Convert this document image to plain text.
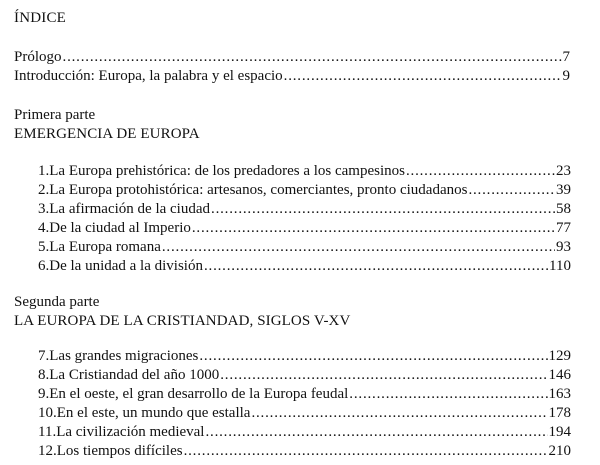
ÍNDICE
Prólogo .....	7
Introducción: Europa, la palabra y el espacio .....	9
Primera parte
EMERGENCIA DE EUROPA
1. La Europa prehistórica: de los predadores a los campesinos .....	23
2. La Europa protohistórica: artesanos, comerciantes, pronto ciudadanos .....	39
3. La afirmación de la ciudad .....	58
4. De la ciudad al Imperio .....	77
5. La Europa romana .....	93
6. De la unidad a la división .....	110
Segunda parte
LA EUROPA DE LA CRISTIANDAD, SIGLOS V-XV
7. Las grandes migraciones .....	129
8. La Cristiandad del año 1000 .....	146
9. En el oeste, el gran desarrollo de la Europa feudal .....	163
10. En el este, un mundo que estalla .....	178
11. La civilización medieval .....	194
12. Los tiempos difíciles .....	210
